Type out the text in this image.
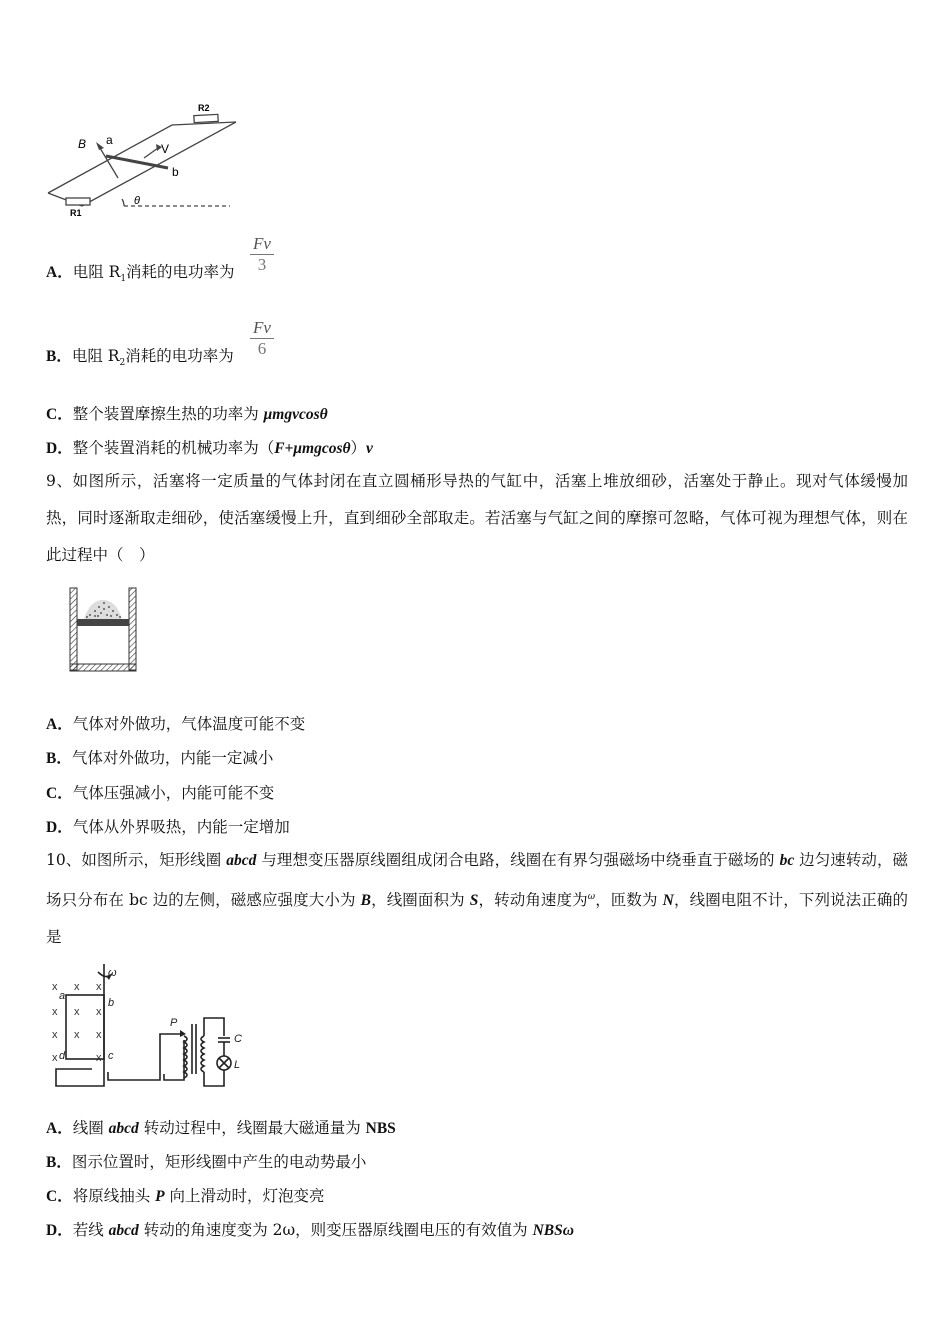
B a
V
b
R1
R2
θ
A．电阻 $R_1$消耗的电功率为
Fv
3
B．电阻 $R_2$消耗的电功率为
Fv
6
C．整个装置摩擦生热的功率为 μmgvcosθ
D．整个装置消耗的机械功率为（F+μmgcosθ）v
9、如图所示，活塞将一定质量的气体封闭在直立圆桶形导热的气缸中，活塞上堆放细砂，活塞处于静止。现对气体缓慢加热，同时逐渐取走细砂，使活塞缓慢上升，直到细砂全部取走。若活塞与气缸之间的摩擦可忽略，气体可视为理想气体，则在此过程中（　）
A．气体对外做功，气体温度可能不变
B．气体对外做功，内能一定减小
C．气体压强减小，内能可能不变
D．气体从外界吸热，内能一定增加
10、如图所示，矩形线圈 abcd 与理想变压器原线圈组成闭合电路，线圈在有界匀强磁场中绕垂直于磁场的 bc 边匀速转动，磁场只分布在 bc 边的左侧，磁感应强度大小为 B，线圈面积为 S，转动角速度为$^\omega$，匝数为 N，线圈电阻不计，下列说法正确的是
x x x
x x x
x x x
x	x
ω
a
b
c
d
P
C
L
A．线圈 abcd 转动过程中，线圈最大磁通量为 NBS
B．图示位置时，矩形线圈中产生的电动势最小
C．将原线抽头 P 向上滑动时，灯泡变亮
D．若线 abcd 转动的角速度变为 2ω，则变压器原线圈电压的有效值为 NBSω
